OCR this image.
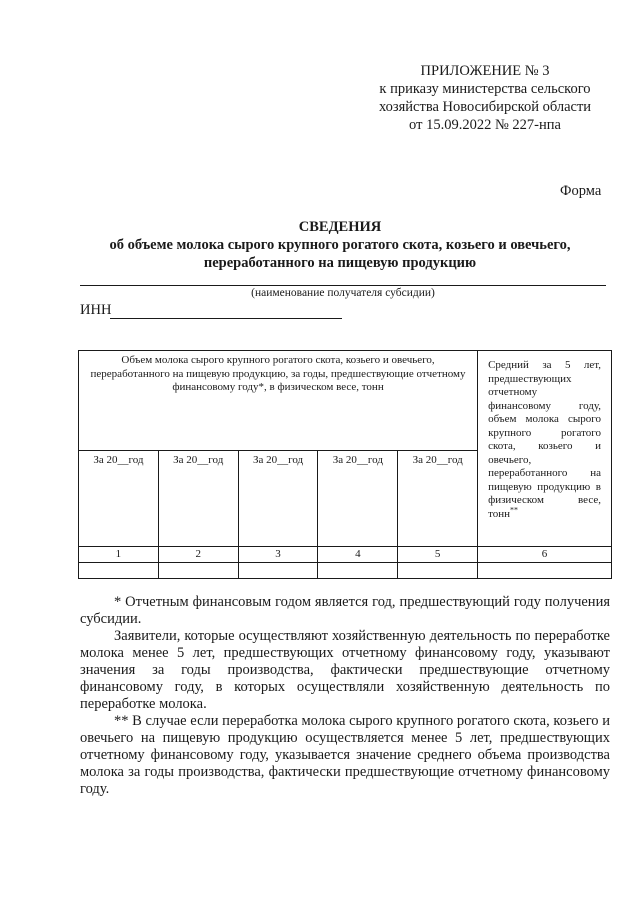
ПРИЛОЖЕНИЕ № 3
к приказу министерства сельского
хозяйства Новосибирской области
от 15.09.2022 № 227-нпа
Форма
СВЕДЕНИЯ
об объеме молока сырого крупного рогатого скота, козьего и овечьего,
переработанного на пищевую продукцию
(наименование получателя субсидии)
ИНН
Объем молока сырого крупного рогатого скота, козьего и овечьего, переработанного на пищевую продукцию, за годы, предшествующие отчетному финансовому году*, в физическом весе, тонн					Средний за 5 лет, предшествующих отчетному финансовому году, объем молока сырого крупного рогатого скота, козьего и овечьего, переработанного на пищевую продукцию в физическом весе, тонн**
За 20__год	За 20__год	За 20__год	За 20__год	За 20__год	
1	2	3	4	5	6

* Отчетным финансовым годом является год, предшествующий году получения субсидии.

Заявители, которые осуществляют хозяйственную деятельность по переработке молока менее 5 лет, предшествующих отчетному финансовому году, указывают значения за годы производства, фактически предшествующие отчетному финансовому году, в которых осуществляли хозяйственную деятельность по переработке молока.

** В случае если переработка молока сырого крупного рогатого скота, козьего и овечьего на пищевую продукцию осуществляется менее 5 лет, предшествующих отчетному финансовому году, указывается значение среднего объема производства молока за годы производства, фактически предшествующие отчетному финансовому году.
